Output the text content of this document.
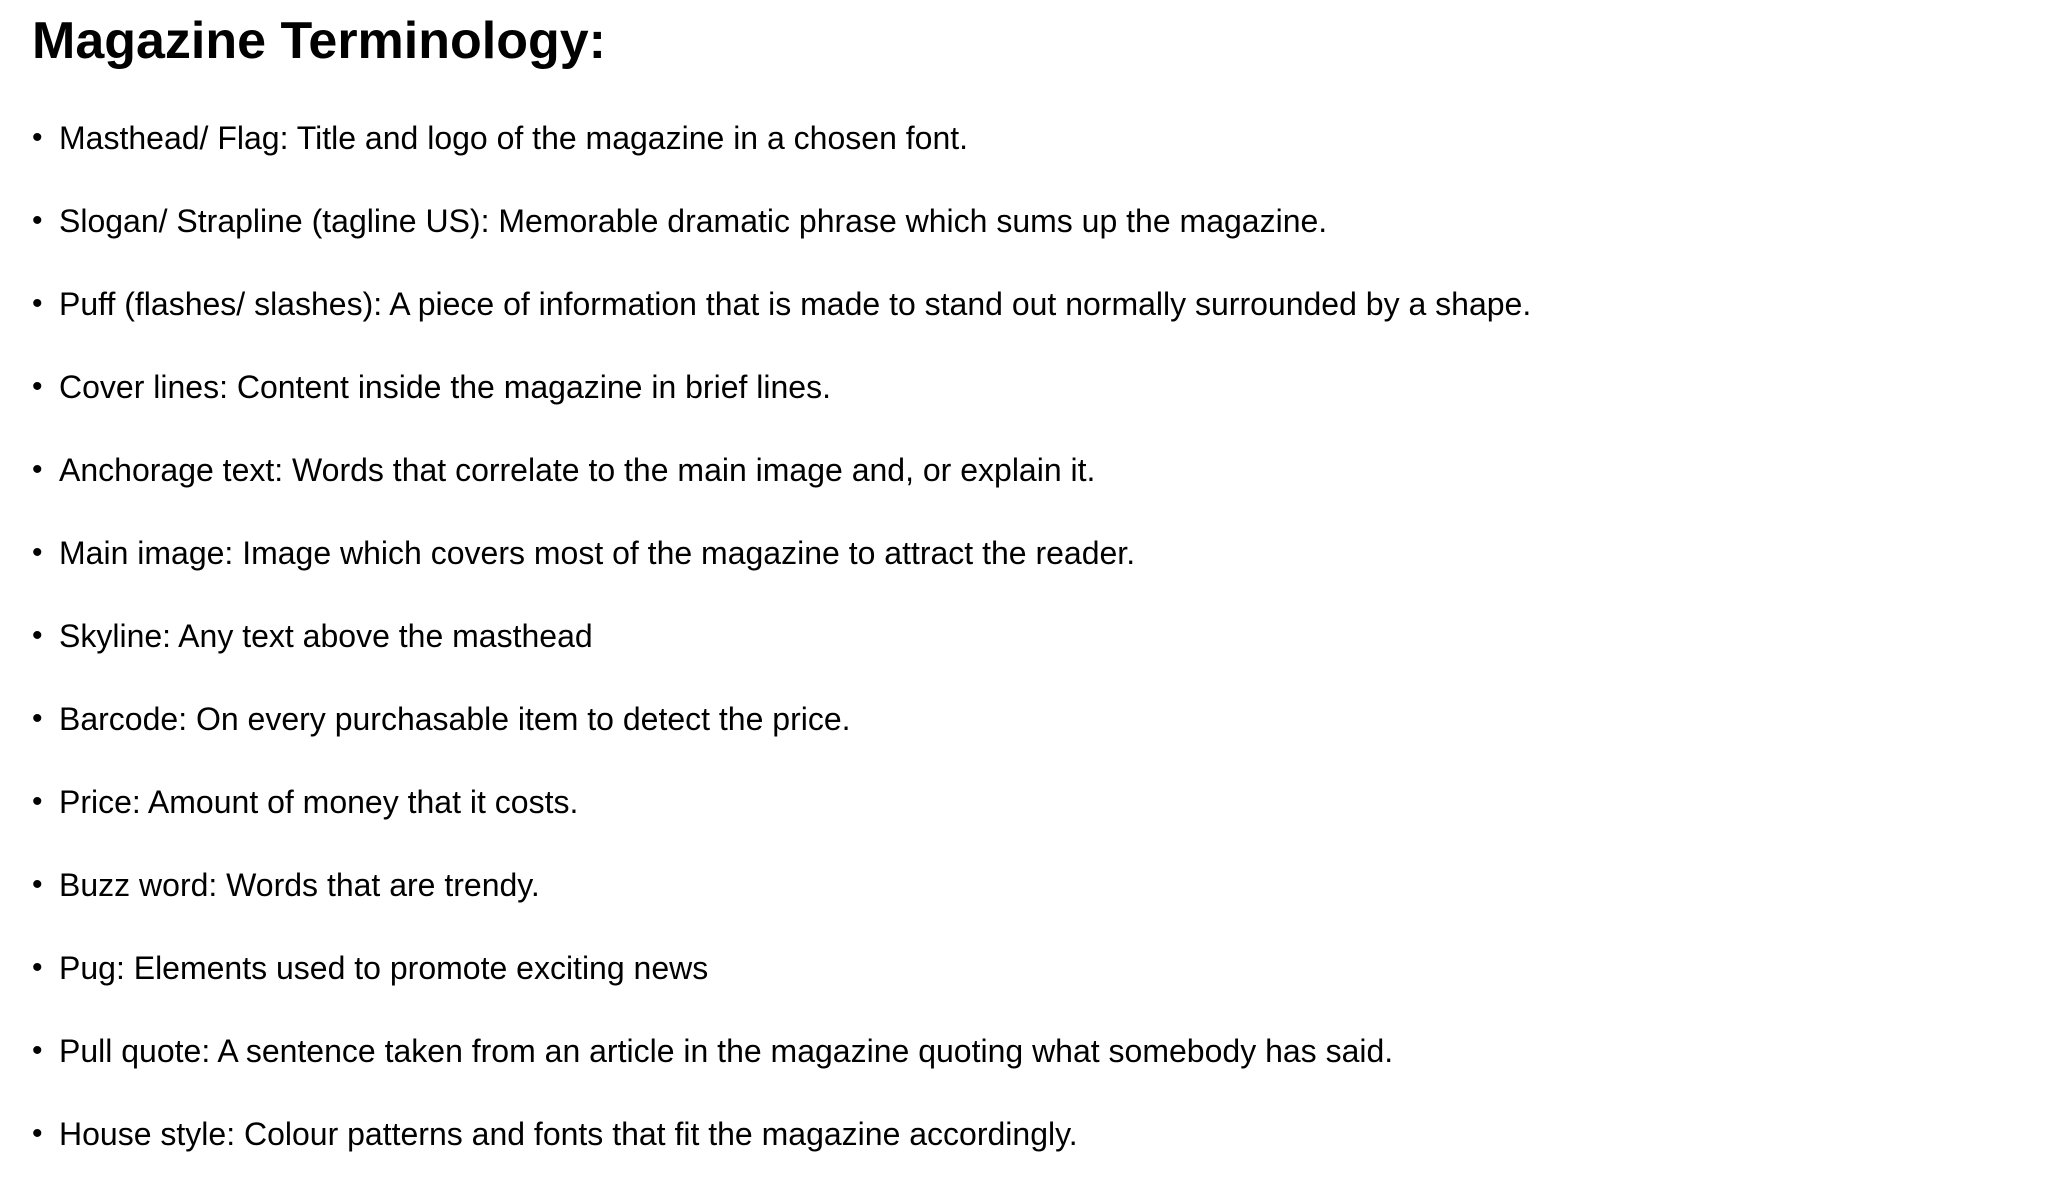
Magazine Terminology:
• Masthead/ Flag: Title and logo of the magazine in a chosen font.
• Slogan/ Strapline (tagline US): Memorable dramatic phrase which sums up the magazine.
• Puff (flashes/ slashes): A piece of information that is made to stand out normally surrounded by a shape.
• Cover lines: Content inside the magazine in brief lines.
• Anchorage text: Words that correlate to the main image and, or explain it.
• Main image: Image which covers most of the magazine to attract the reader.
• Skyline: Any text above the masthead
• Barcode: On every purchasable item to detect the price.
• Price: Amount of money that it costs.
• Buzz word: Words that are trendy.
• Pug: Elements used to promote exciting news
• Pull quote: A sentence taken from an article in the magazine quoting what somebody has said.
• House style: Colour patterns and fonts that fit the magazine accordingly.
